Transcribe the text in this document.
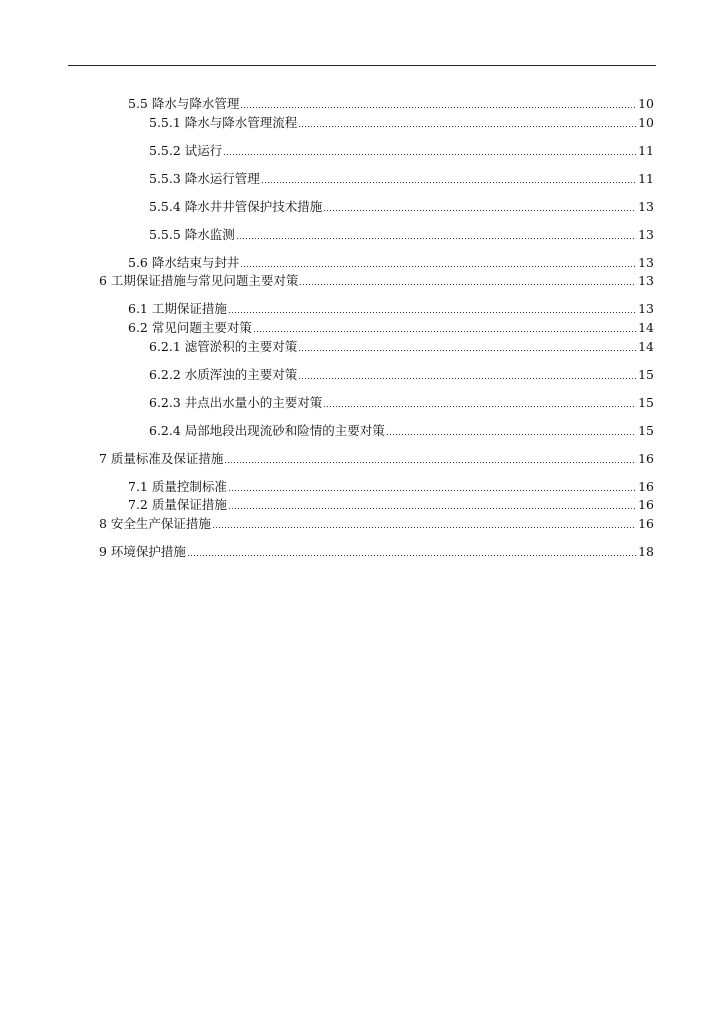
5.5 降水与降水管理	10
5.5.1 降水与降水管理流程	10
5.5.2 试运行	11
5.5.3 降水运行管理	11
5.5.4 降水井井管保护技术措施	13
5.5.5 降水监测	13
5.6 降水结束与封井	13
6 工期保证措施与常见问题主要对策	13
6.1 工期保证措施	13
6.2 常见问题主要对策	14
6.2.1 滤管淤积的主要对策	14
6.2.2 水质浑浊的主要对策	15
6.2.3 井点出水量小的主要对策	15
6.2.4 局部地段出现流砂和险情的主要对策	15
7 质量标准及保证措施	16
7.1 质量控制标准	16
7.2 质量保证措施	16
8 安全生产保证措施	16
9 环境保护措施	18
